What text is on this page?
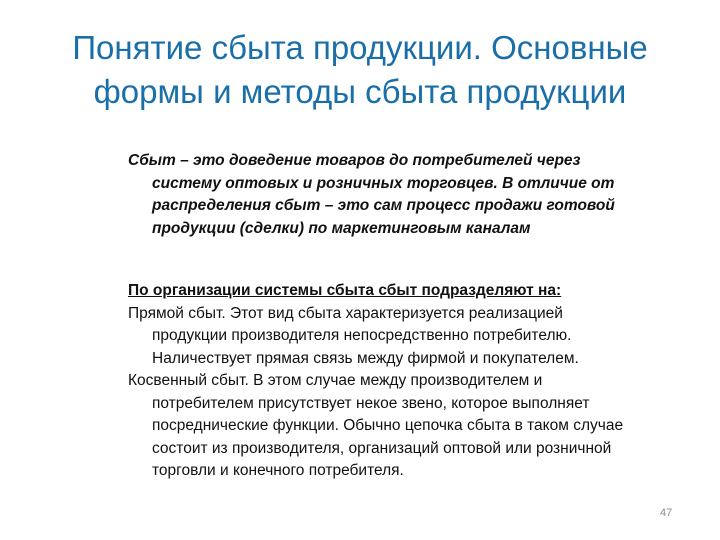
Понятие сбыта продукции. Основные формы и методы сбыта продукции

Сбыт – это доведение товаров до потребителей через систему оптовых и розничных торговцев. В отличие от распределения сбыт – это сам процесс продажи готовой продукции (сделки) по маркетинговым каналам

По организации системы сбыта сбыт подразделяют на:

Прямой сбыт. Этот вид сбыта характеризуется реализацией продукции производителя непосредственно потребителю. Наличествует прямая связь между фирмой и покупателем.

Косвенный сбыт. В этом случае между производителем и потребителем присутствует некое звено, которое выполняет посреднические функции. Обычно цепочка сбыта в таком случае состоит из производителя, организаций оптовой или розничной торговли и конечного потребителя.

47
